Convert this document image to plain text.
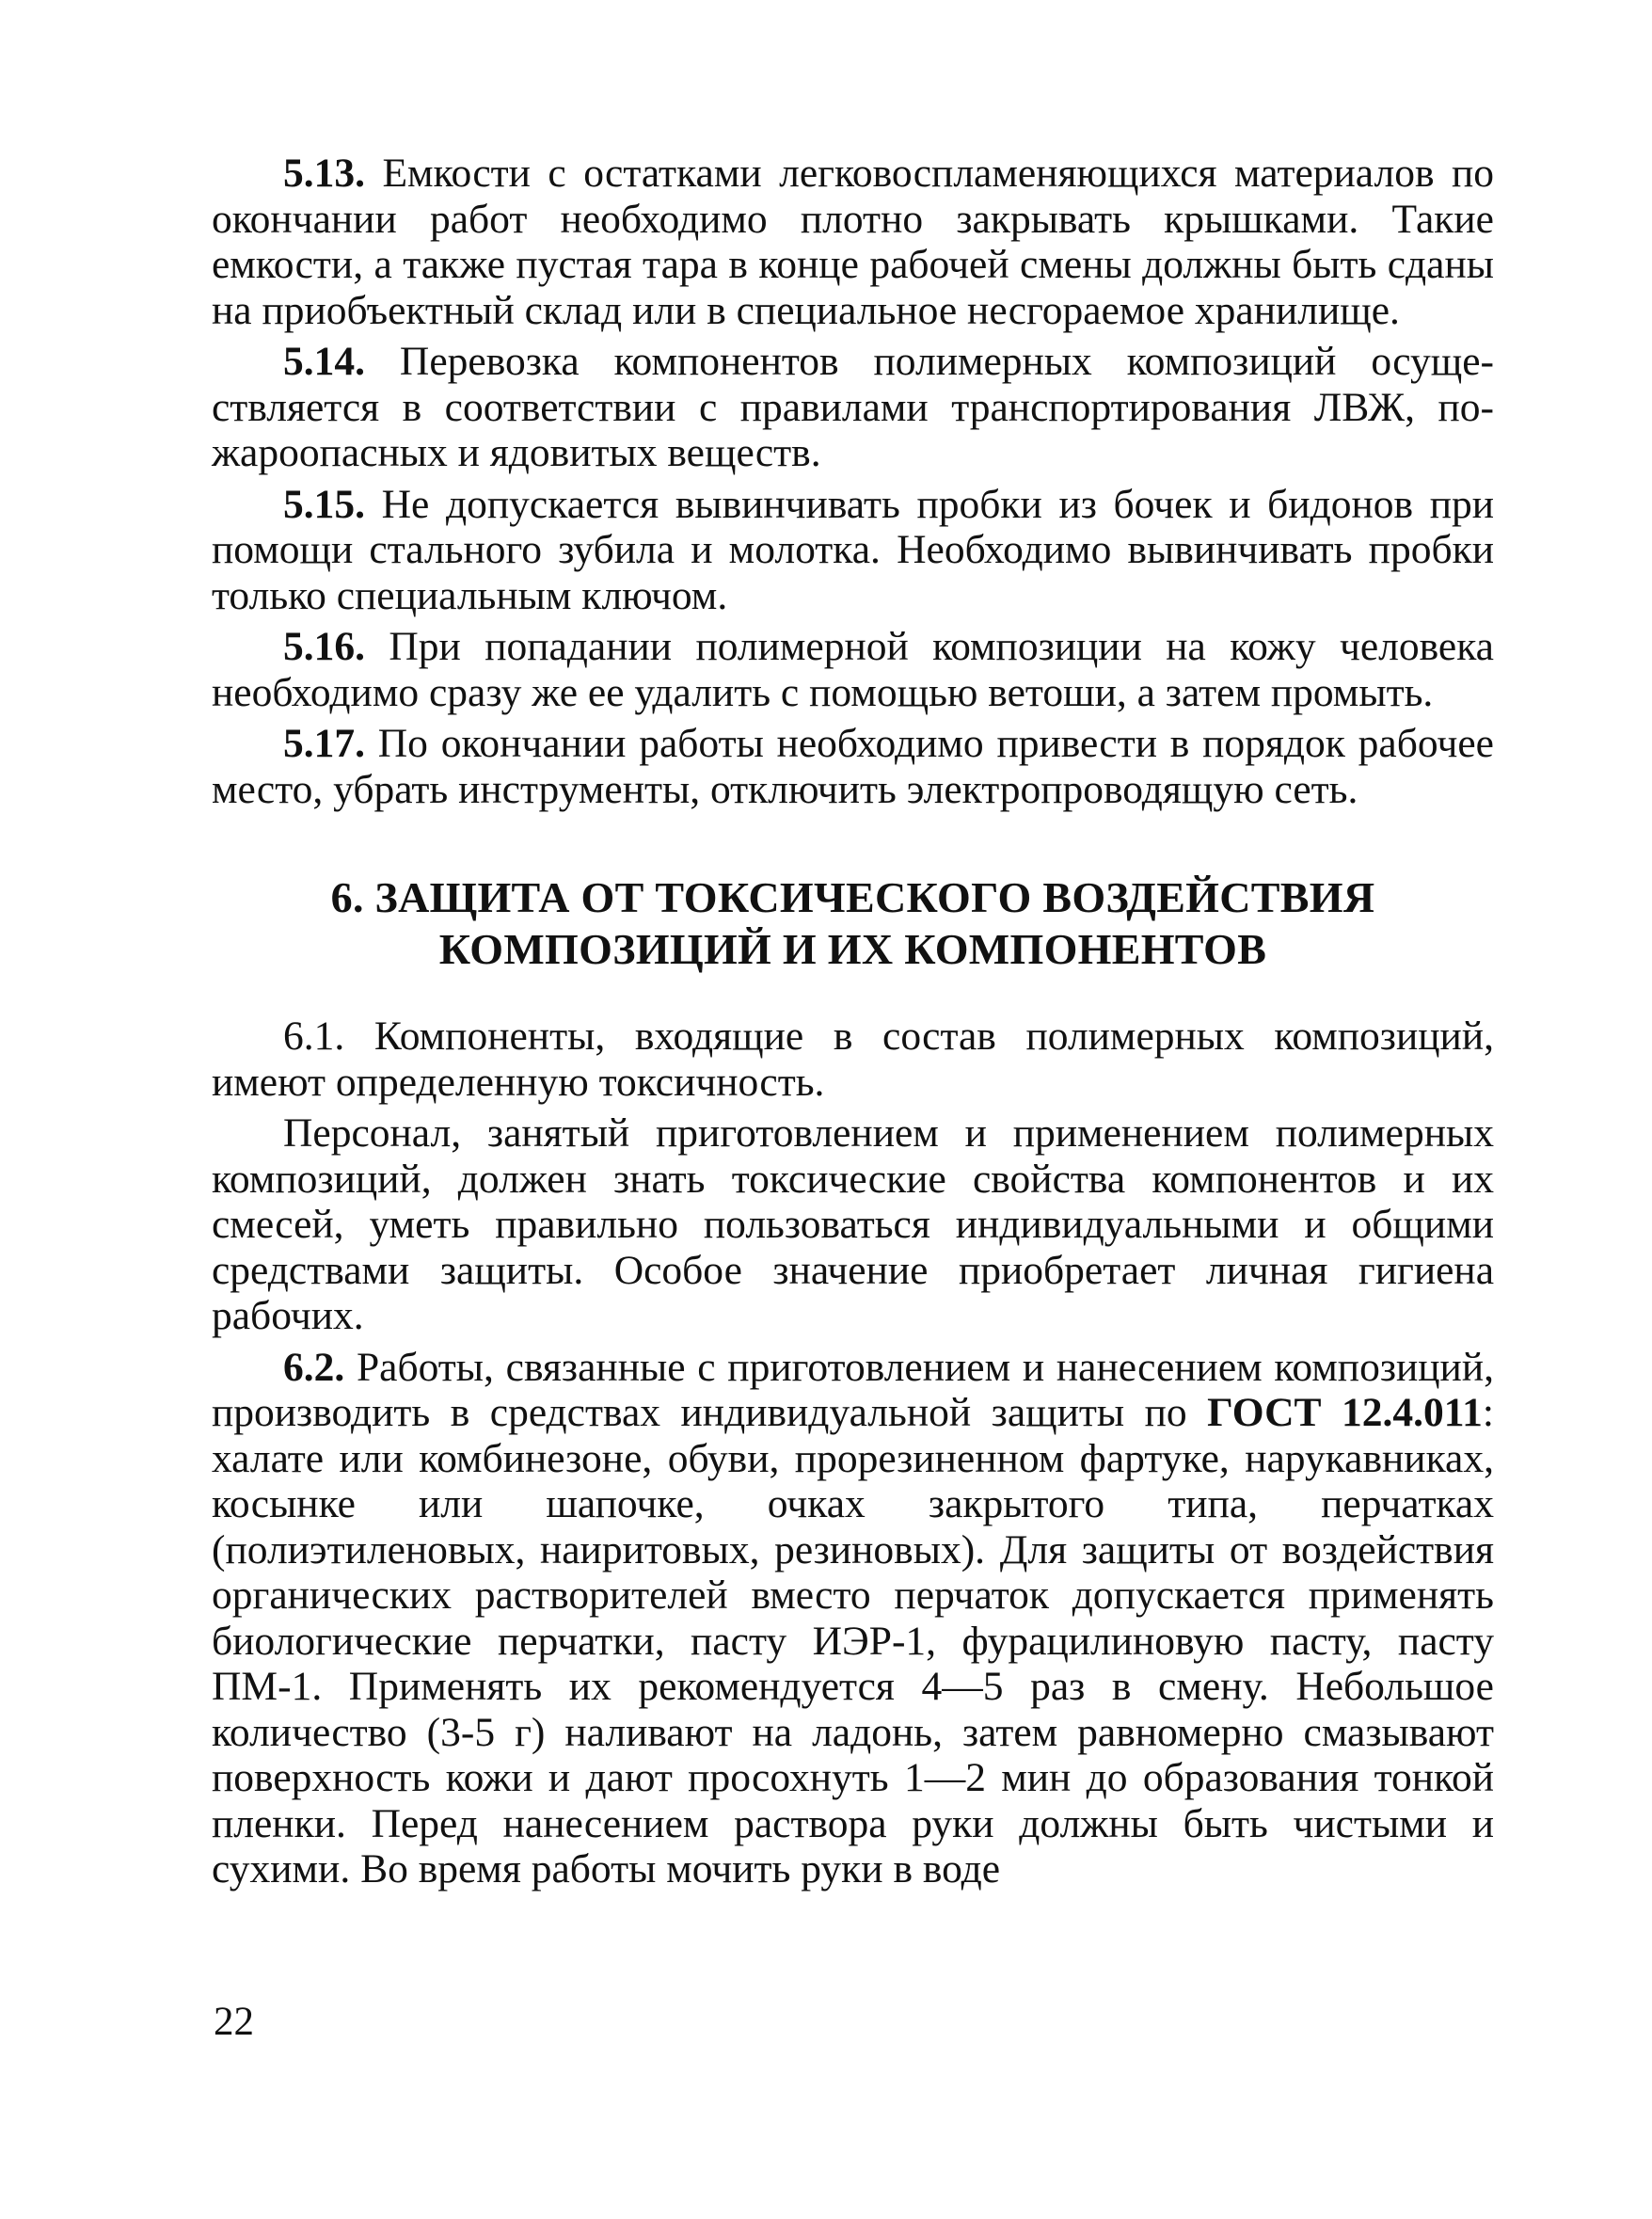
5.13. Емкости с остатками легковоспламеняющихся материалов по окончании работ необходимо плотно закрывать крышками. Такие емкости, а также пустая тара в конце рабочей смены должны быть сданы на приобъектный склад или в специальное несгораемое хранилище.

5.14. Перевозка компонентов полимерных композиций осуществляется в соответствии с правилами транспортирования ЛВЖ, пожароопасных и ядовитых веществ.

5.15. Не допускается вывинчивать пробки из бочек и бидонов при помощи стального зубила и молотка. Необходимо вывинчивать пробки только специальным ключом.

5.16. При попадании полимерной композиции на кожу человека необходимо сразу же ее удалить с помощью ветоши, а затем промыть.

5.17. По окончании работы необходимо привести в порядок рабочее место, убрать инструменты, отключить электропроводящую сеть.

6. ЗАЩИТА ОТ ТОКСИЧЕСКОГО ВОЗДЕЙСТВИЯ
КОМПОЗИЦИЙ И ИХ КОМПОНЕНТОВ

6.1. Компоненты, входящие в состав полимерных композиций, имеют определенную токсичность.

Персонал, занятый приготовлением и применением полимерных композиций, должен знать токсические свойства компонентов и их смесей, уметь правильно пользоваться индивидуальными и общими средствами защиты. Особое значение приобретает личная гигиена рабочих.

6.2. Работы, связанные с приготовлением и нанесением композиций, производить в средствах индивидуальной защиты по ГОСТ 12.4.011: халате или комбинезоне, обуви, прорезиненном фартуке, нарукавниках, косынке или шапочке, очках закрытого типа, перчатках (полиэтиленовых, наиритовых, резиновых). Для защиты от воздействия органических растворителей вместо перчаток допускается применять биологические перчатки, пасту ИЭР-1, фурацилиновую пасту, пасту ПМ-1. Применять их рекомендуется 4—5 раз в смену. Небольшое количество (3-5 г) наливают на ладонь, затем равномерно смазывают поверхность кожи и дают просохнуть 1—2 мин до образования тонкой пленки. Перед нанесением раствора руки должны быть чистыми и сухими. Во время работы мочить руки в воде

22
